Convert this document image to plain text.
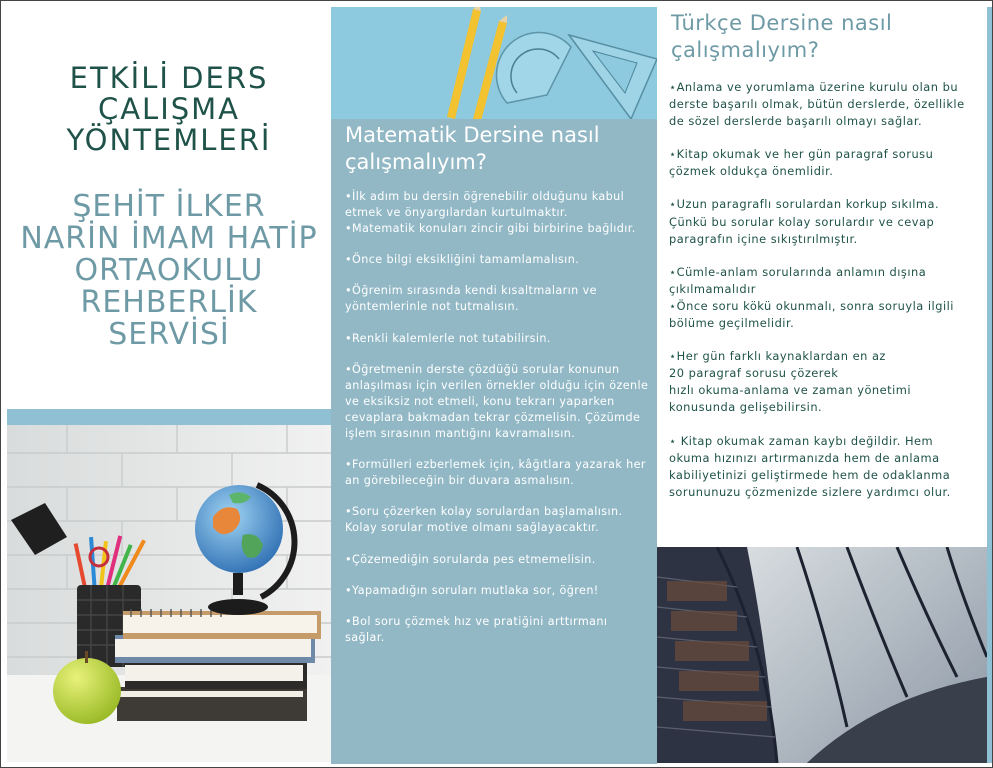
ETKİLİ DERS
ÇALIŞMA
YÖNTEMLERİ
ŞEHİT İLKER
NARİN İMAM HATİP
ORTAOKULU
REHBERLİK
SERVİSİ
Matematik Dersine nasıl
çalışmalıyım?

•İlk adım bu dersin öğrenebilir olduğunu kabul etmek ve önyargılardan kurtulmaktır.
•Matematik konuları zincir gibi birbirine bağlıdır.

•Önce bilgi eksikliğini tamamlamalısın.

•Öğrenim sırasında kendi kısaltmaların ve yöntemlerinle not tutmalısın.

•Renkli kalemlerle not tutabilirsin.

•Öğretmenin derste çözdüğü sorular konunun anlaşılması için verilen örnekler olduğu için özenle ve eksiksiz not etmeli, konu tekrarı yaparken cevaplara bakmadan tekrar çözmelisin. Çözümde işlem sırasının mantığını kavramalısın.

•Formülleri ezberlemek için, kâğıtlara yazarak her an görebileceğin bir duvara asmalısın.

•Soru çözerken kolay sorulardan başlamalısın. Kolay sorular motive olmanı sağlayacaktır.

•Çözemediğin sorularda pes etmemelisin.

•Yapamadığın soruları mutlaka sor, öğren!

•Bol soru çözmek hız ve pratiğini arttırmanı sağlar.

Türkçe Dersine nasıl
çalışmalıyım?

⋆Anlama ve yorumlama üzerine kurulu olan bu derste başarılı olmak, bütün derslerde, özellikle de sözel derslerde başarılı olmayı sağlar.

⋆Kitap okumak ve her gün paragraf sorusu çözmek oldukça önemlidir.

⋆Uzun paragraflı sorulardan korkup sıkılma. Çünkü bu sorular kolay sorulardır ve cevap paragrafın içine sıkıştırılmıştır.

⋆Cümle-anlam sorularında anlamın dışına çıkılmamalıdır
⋆Önce soru kökü okunmalı, sonra soruyla ilgili bölüme geçilmelidir.

⋆Her gün farklı kaynaklardan en az
20 paragraf sorusu çözerek
hızlı okuma-anlama ve zaman yönetimi konusunda gelişebilirsin.

⋆ Kitap okumak zaman kaybı değildir. Hem okuma hızınızı artırmanızda hem de anlama kabiliyetinizi geliştirmede hem de odaklanma sorununuzu çözmenizde sizlere yardımcı olur.
